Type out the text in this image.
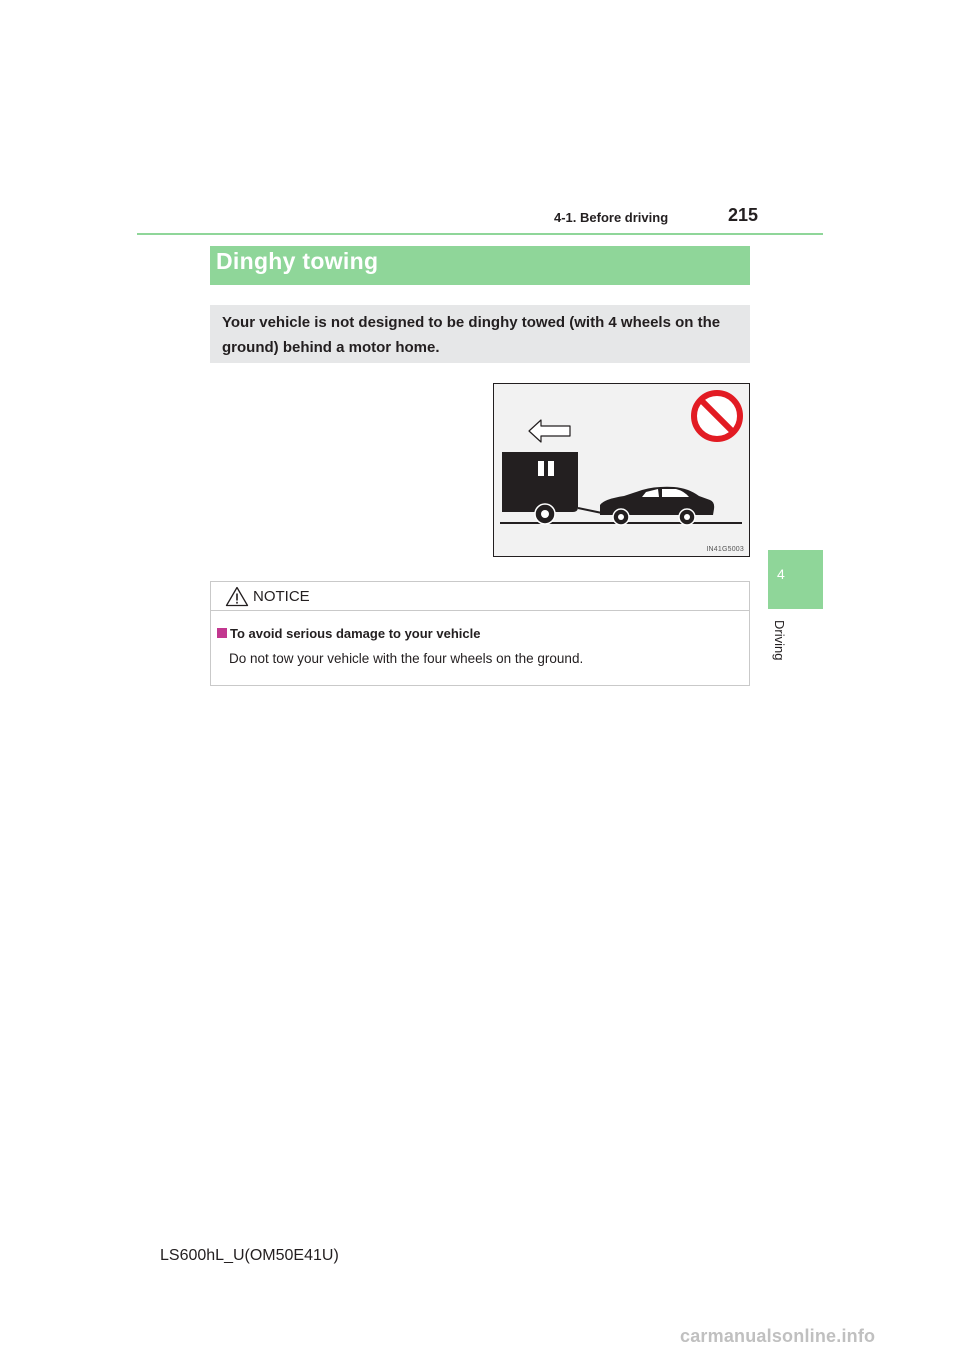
4-1. Before driving	215
Dinghy towing
Your vehicle is not designed to be dinghy towed (with 4 wheels on the ground) behind a motor home.
IN41G5003
NOTICE
To avoid serious damage to your vehicle
Do not tow your vehicle with the four wheels on the ground.
4
Driving
LS600hL_U(OM50E41U)
carmanualsonline.info
